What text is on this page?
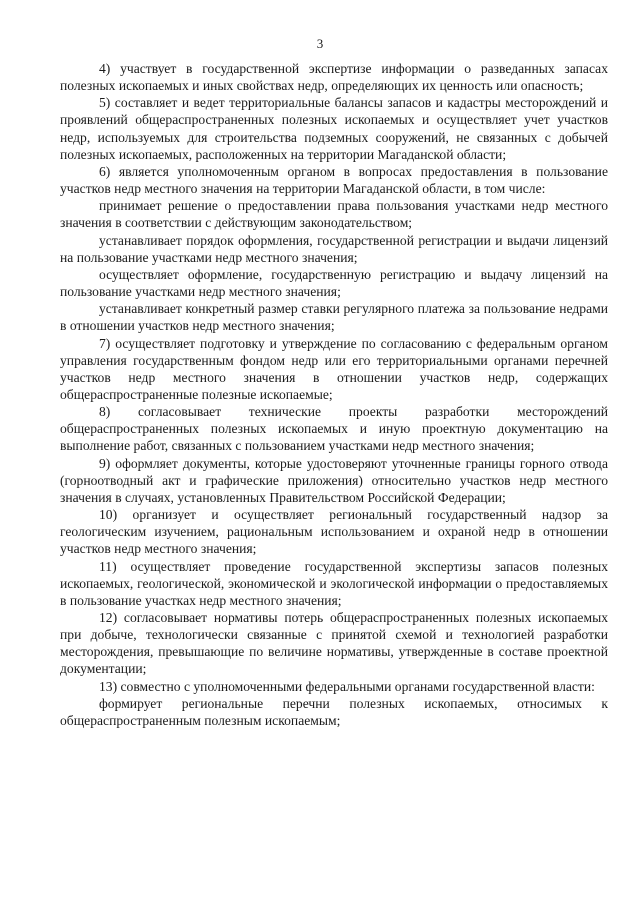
3

4) участвует в государственной экспертизе информации о разведанных запасах полезных ископаемых и иных свойствах недр, определяющих их ценность или опасность;

5) составляет и ведет территориальные балансы запасов и кадастры месторождений и проявлений общераспространенных полезных ископаемых и осуществляет учет участков недр, используемых для строительства подземных сооружений, не связанных с добычей полезных ископаемых, расположенных на территории Магаданской области;

6) является уполномоченным органом в вопросах предоставления в пользование участков недр местного значения на территории Магаданской области, в том числе:

принимает решение о предоставлении права пользования участками недр местного значения в соответствии с действующим законодательством;

устанавливает порядок оформления, государственной регистрации и выдачи лицензий на пользование участками недр местного значения;

осуществляет оформление, государственную регистрацию и выдачу лицензий на пользование участками недр местного значения;

устанавливает конкретный размер ставки регулярного платежа за пользование недрами в отношении участков недр местного значения;

7) осуществляет подготовку и утверждение по согласованию с федеральным органом управления государственным фондом недр или его территориальными органами перечней участков недр местного значения в отношении участков недр, содержащих общераспространенные полезные ископаемые;

8) согласовывает технические проекты разработки месторождений общераспространенных полезных ископаемых и иную проектную документацию на выполнение работ, связанных с пользованием участками недр местного значения;

9) оформляет документы, которые удостоверяют уточненные границы горного отвода (горноотводный акт и графические приложения) относительно участков недр местного значения в случаях, установленных Правительством Российской Федерации;

10) организует и осуществляет региональный государственный надзор за геологическим изучением, рациональным использованием и охраной недр в отношении участков недр местного значения;

11) осуществляет проведение государственной экспертизы запасов полезных ископаемых, геологической, экономической и экологической информации о предоставляемых в пользование участках недр местного значения;

12) согласовывает нормативы потерь общераспространенных полезных ископаемых при добыче, технологически связанные с принятой схемой и технологией разработки месторождения, превышающие по величине нормативы, утвержденные в составе проектной документации;

13) совместно с уполномоченными федеральными органами государственной власти:

формирует региональные перечни полезных ископаемых, относимых к общераспространенным полезным ископаемым;
